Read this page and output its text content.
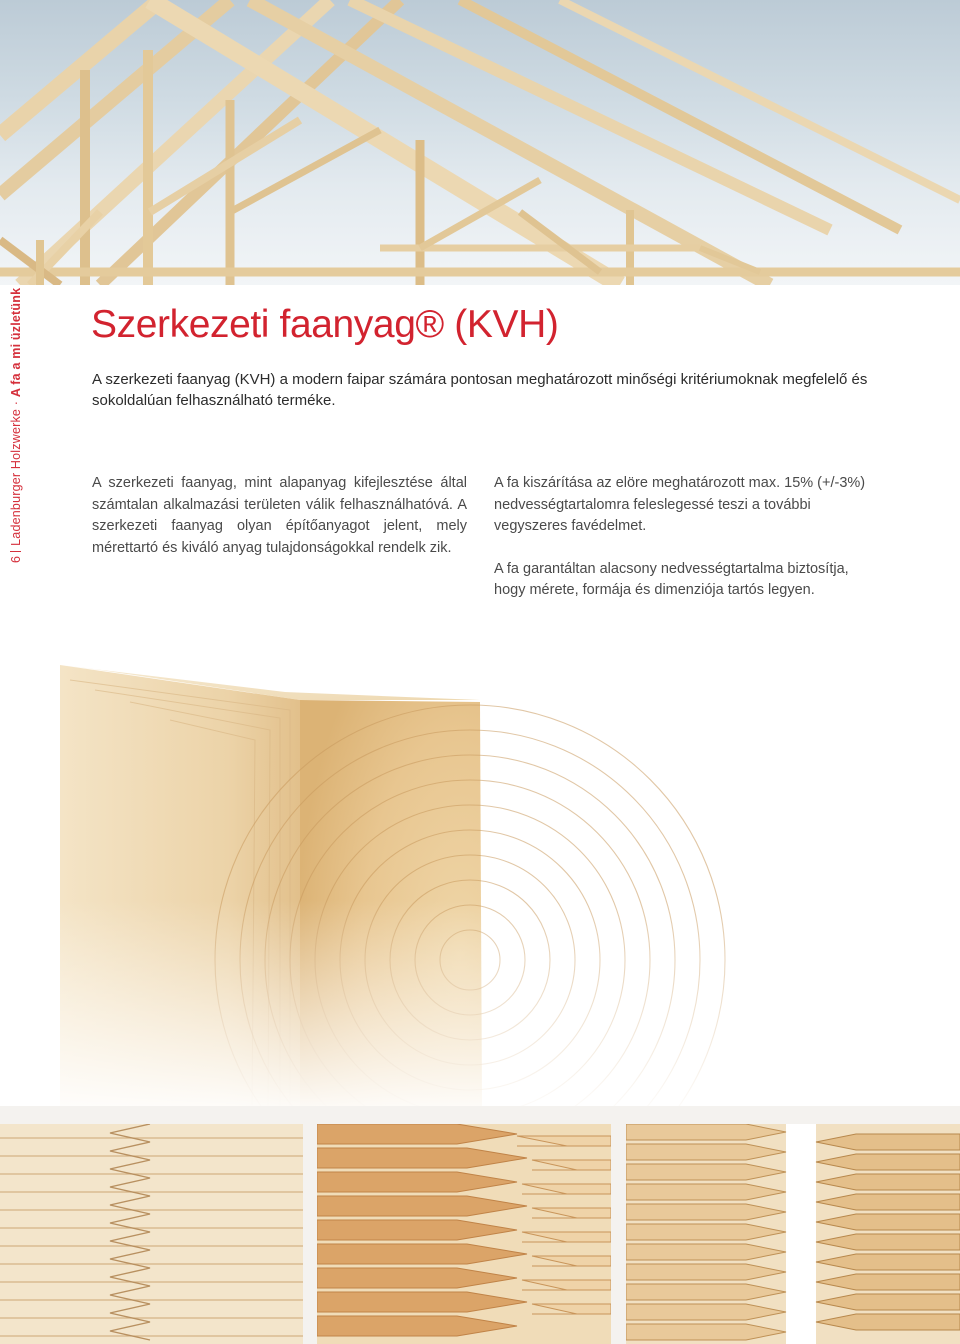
6Ladenburger Holzwerke · A fa a mi üzletünk Szerkezeti faanyag® (KVH)
A szerkezeti faanyag (KVH) a modern faipar számára pontosan meghatározott minőségi kritériumoknak megfelelő és sokoldalúan felhasználható terméke.

A szerkezeti faanyag, mint alapanyag kifejlesztése által számtalan alkalmazási területen válik felhasználhatóvá. A szerkezeti faanyag olyan építőanyagot jelent, mely mérettartó és kiváló anyag tulajdonságokkal rendelk zik.

A fa kiszárítása az elöre meghatározott max. 15% (+/-3%) nedvességtartalomra feleslegessé teszi a további vegyszeres favédelmet.

A fa garantáltan alacsony nedvességtartalma biztosítja, hogy mérete, formája és dimenziója tartós legyen.
